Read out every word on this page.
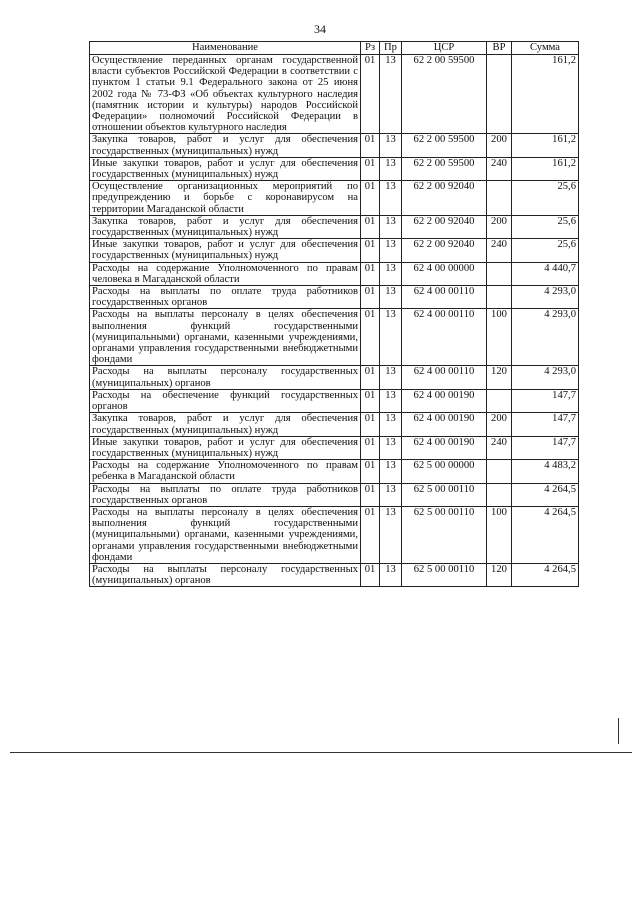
34
Наименование	Рз	Пр	ЦСР	ВР	Сумма
Осуществление переданных органам государственной власти субъектов Российской Федерации в соответствии с пунктом 1 статьи 9.1 Федерального закона от 25 июня 2002 года № 73-ФЗ «Об объектах культурного наследия (памятник истории и культуры) народов Российской Федерации» полномочий Российской Федерации в отношении объектов культурного наследия	01	13	62 2 00 59500		161,2
Закупка товаров, работ и услуг для обеспечения государственных (муниципальных) нужд	01	13	62 2 00 59500	200	161,2
Иные закупки товаров, работ и услуг для обеспечения государственных (муниципальных) нужд	01	13	62 2 00 59500	240	161,2
Осуществление организационных мероприятий по предупреждению и борьбе с коронавирусом на территории Магаданской области	01	13	62 2 00 92040		25,6
Закупка товаров, работ и услуг для обеспечения государственных (муниципальных) нужд	01	13	62 2 00 92040	200	25,6
Иные закупки товаров, работ и услуг для обеспечения государственных (муниципальных) нужд	01	13	62 2 00 92040	240	25,6
Расходы на содержание Уполномоченного по правам человека в Магаданской области	01	13	62 4 00 00000		4 440,7
Расходы на выплаты по оплате труда работников государственных органов	01	13	62 4 00 00110		4 293,0
Расходы на выплаты персоналу в целях обеспечения выполнения функций государственными (муниципальными) органами, казенными учреждениями, органами управления государственными внебюджетными фондами	01	13	62 4 00 00110	100	4 293,0
Расходы на выплаты персоналу государственных (муниципальных) органов	01	13	62 4 00 00110	120	4 293,0
Расходы на обеспечение функций государственных органов	01	13	62 4 00 00190		147,7
Закупка товаров, работ и услуг для обеспечения государственных (муниципальных) нужд	01	13	62 4 00 00190	200	147,7
Иные закупки товаров, работ и услуг для обеспечения государственных (муниципальных) нужд	01	13	62 4 00 00190	240	147,7
Расходы на содержание Уполномоченного по правам ребенка в Магаданской области	01	13	62 5 00 00000		4 483,2
Расходы на выплаты по оплате труда работников государственных органов	01	13	62 5 00 00110		4 264,5
Расходы на выплаты персоналу в целях обеспечения выполнения функций государственными (муниципальными) органами, казенными учреждениями, органами управления государственными внебюджетными фондами	01	13	62 5 00 00110	100	4 264,5
Расходы на выплаты персоналу государственных (муниципальных) органов	01	13	62 5 00 00110	120	4 264,5
